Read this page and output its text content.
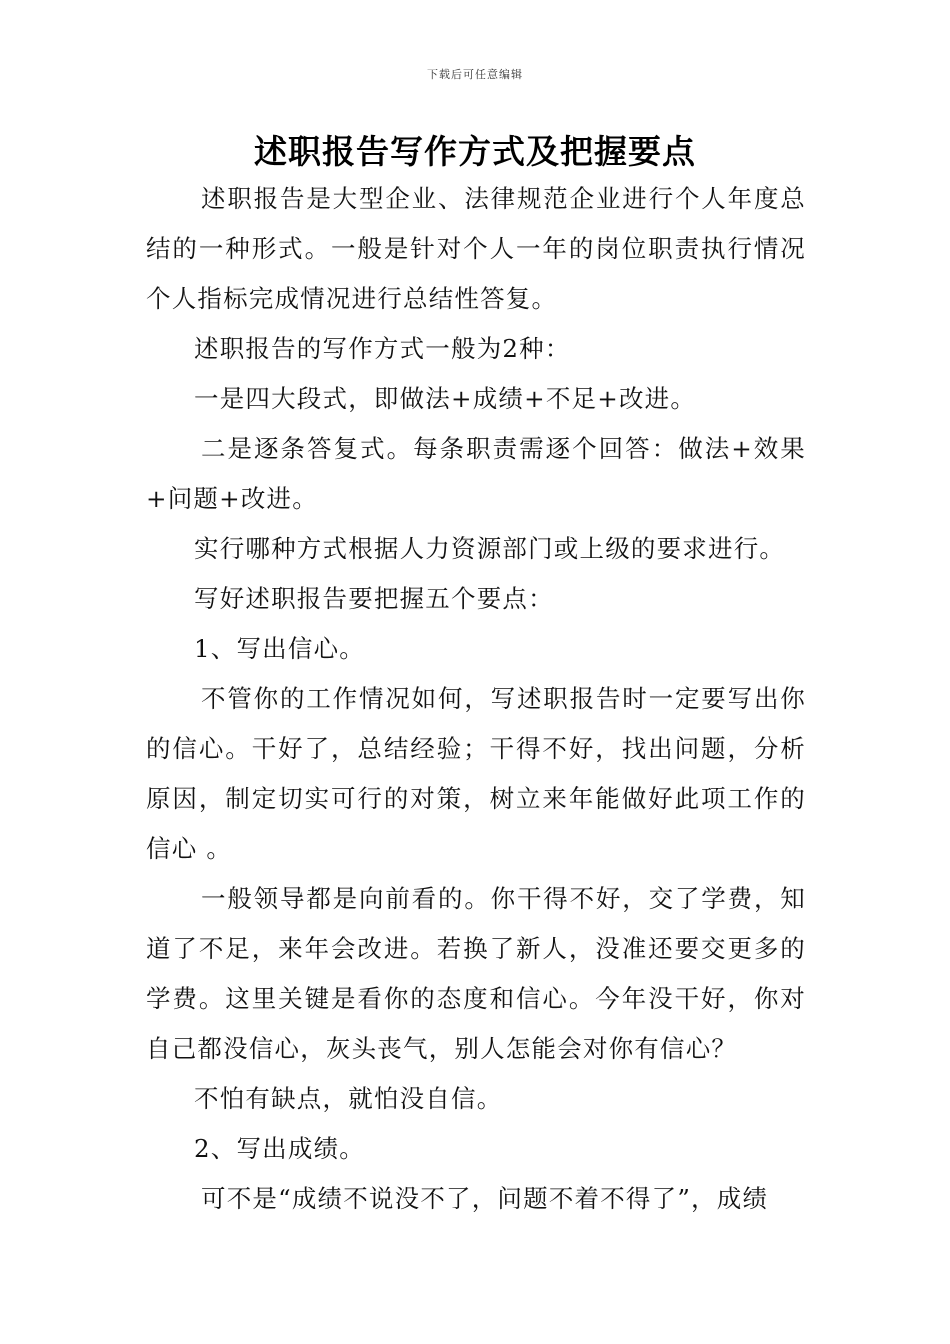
下载后可任意编辑
述职报告写作方式及把握要点

述职报告是大型企业、法律规范企业进行个人年度总结的一种形式。一般是针对个人一年的岗位职责执行情况个人指标完成情况进行总结性答复。

述职报告的写作方式一般为2种：

一是四大段式，即做法+成绩+不足+改进。

二是逐条答复式。每条职责需逐个回答：做法+效果+问题+改进。

实行哪种方式根据人力资源部门或上级的要求进行。

写好述职报告要把握五个要点：

1、写出信心。

不管你的工作情况如何，写述职报告时一定要写出你的信心。干好了，总结经验；干得不好，找出问题，分析原因，制定切实可行的对策，树立来年能做好此项工作的信心 。

一般领导都是向前看的。你干得不好，交了学费，知道了不足，来年会改进。若换了新人，没准还要交更多的学费。这里关键是看你的态度和信心。今年没干好，你对自己都没信心，灰头丧气，别人怎能会对你有信心？

不怕有缺点，就怕没自信。

2、写出成绩。

可不是“成绩不说没不了，问题不着不得了”，成绩
